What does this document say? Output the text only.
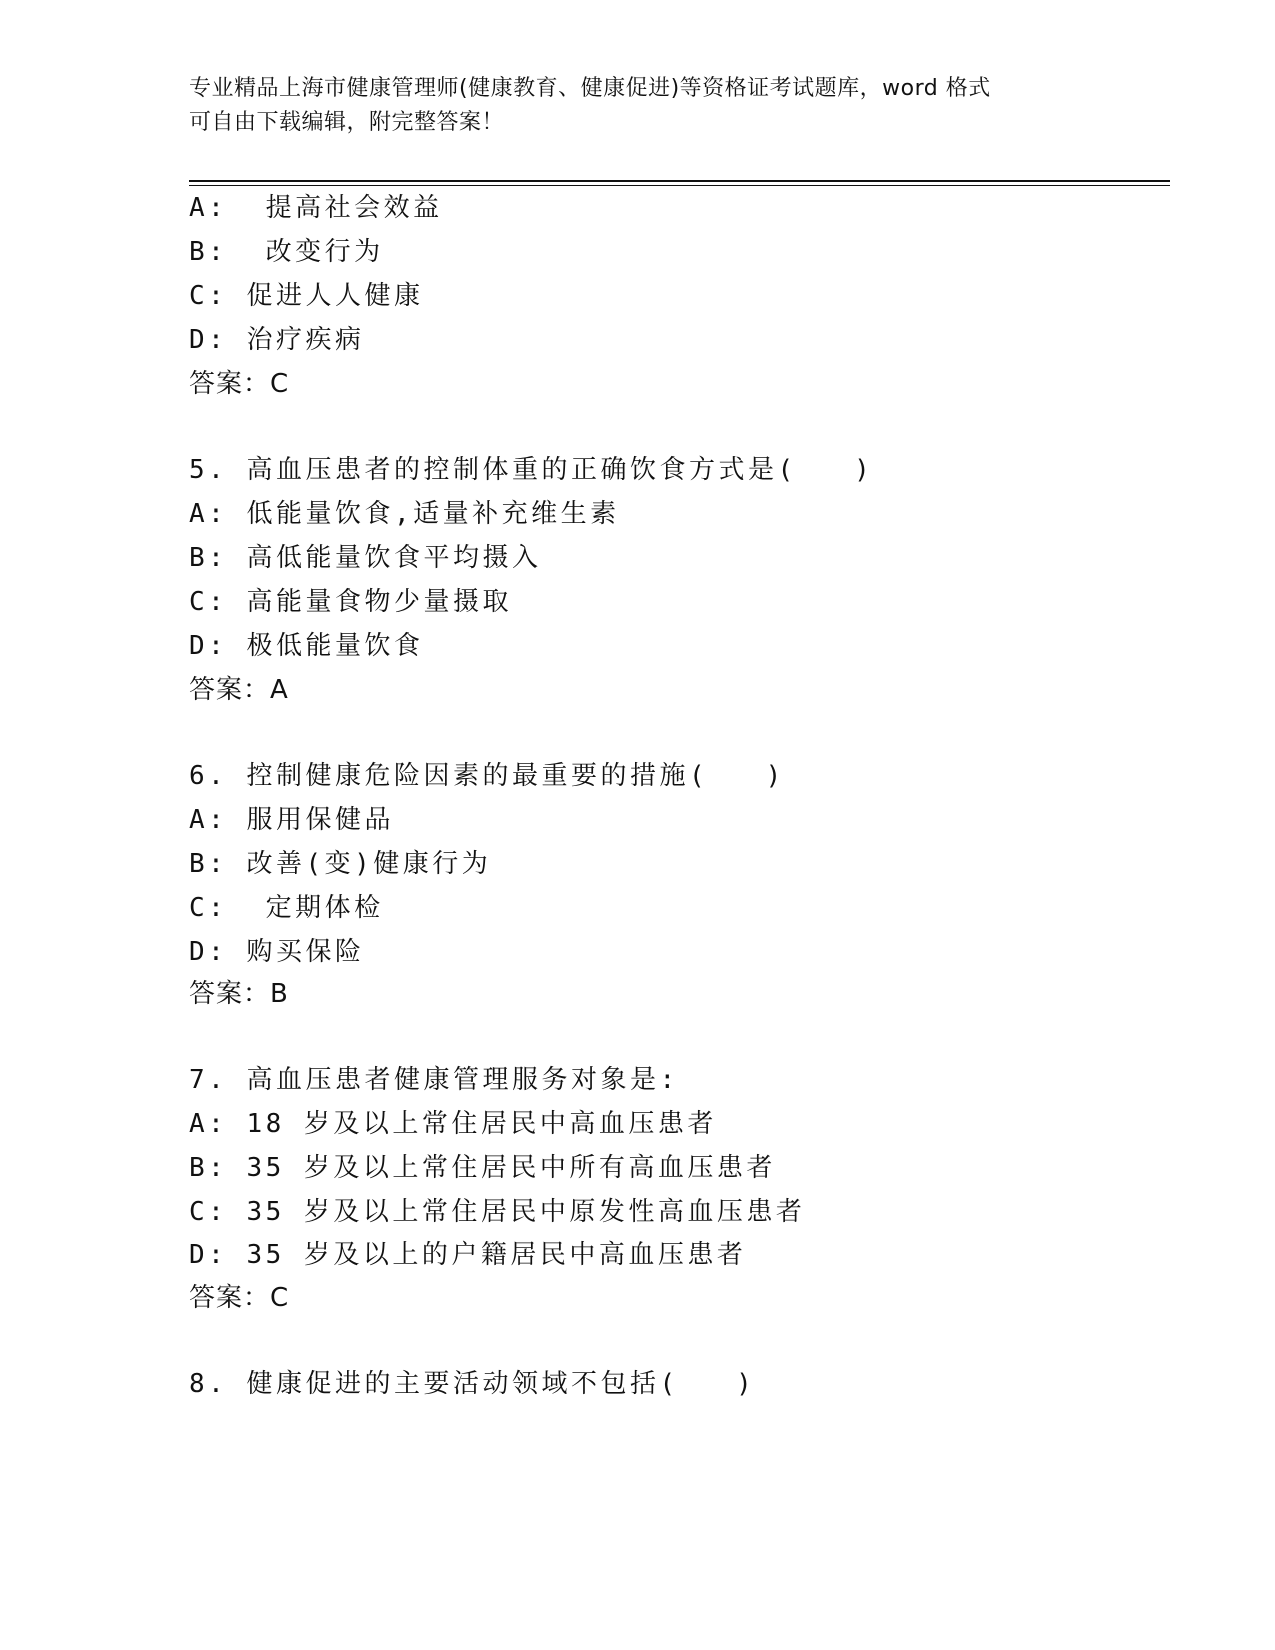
专业精品上海市健康管理师(健康教育、健康促进)等资格证考试题库，word 格式

可自由下载编辑，附完整答案！

A:  提高社会效益
B:  改变行为
C: 促进人人健康
D: 治疗疾病
答案：C
5. 高血压患者的控制体重的正确饮食方式是(   )
A: 低能量饮食,适量补充维生素
B: 高低能量饮食平均摄入
C: 高能量食物少量摄取
D: 极低能量饮食
答案：A
6. 控制健康危险因素的最重要的措施(   )
A: 服用保健品
B: 改善(变)健康行为
C:  定期体检
D: 购买保险
答案：B
7. 高血压患者健康管理服务对象是:
A: 18 岁及以上常住居民中高血压患者
B: 35 岁及以上常住居民中所有高血压患者
C: 35 岁及以上常住居民中原发性高血压患者
D: 35 岁及以上的户籍居民中高血压患者
答案：C
8. 健康促进的主要活动领域不包括(   )
